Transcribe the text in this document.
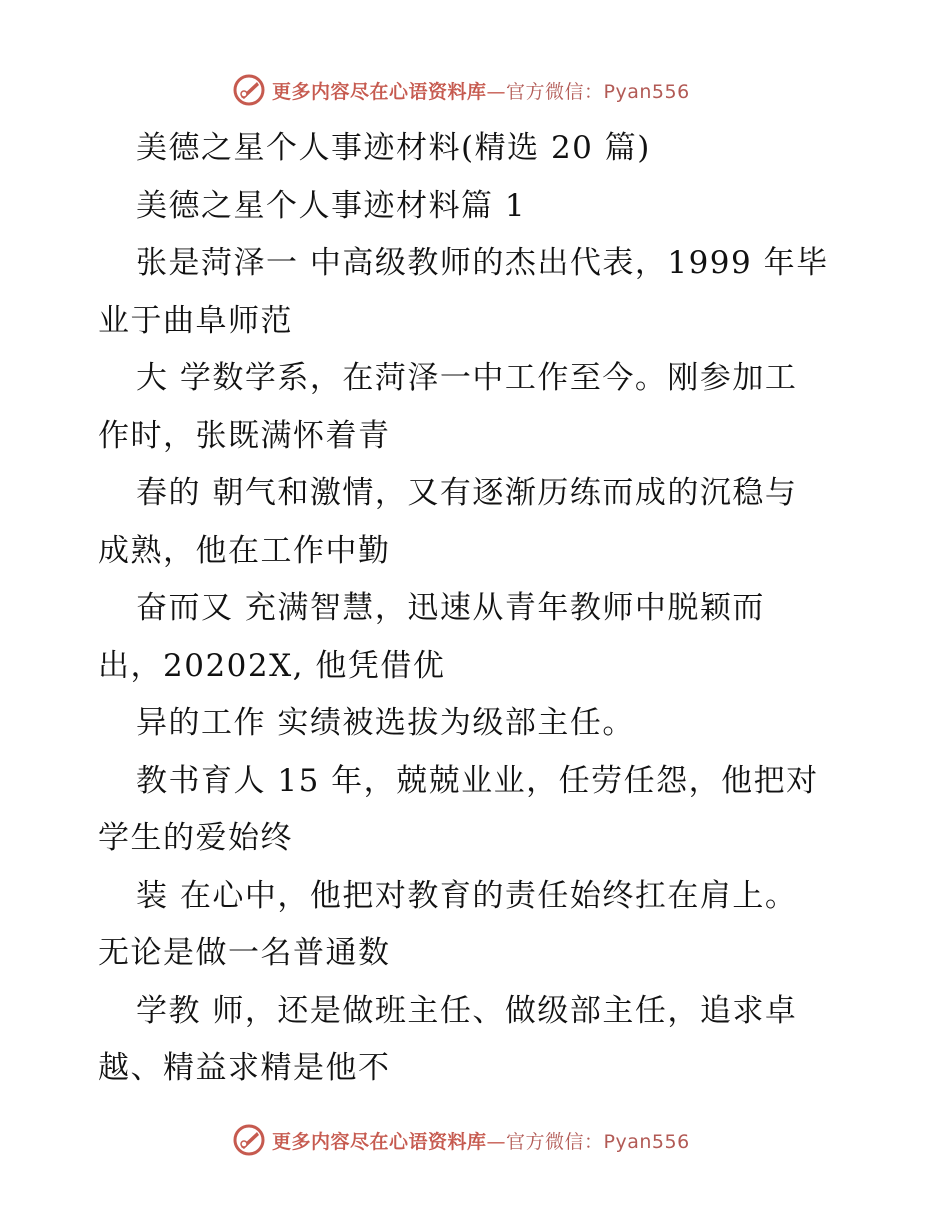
更多内容尽在心语资料库—官方微信：Pyan556
美德之星个人事迹材料(精选 20 篇)
美德之星个人事迹材料篇 1
张是菏泽一 中高级教师的杰出代表，1999 年毕
业于曲阜师范
大 学数学系，在菏泽一中工作至今。刚参加工
作时，张既满怀着青
春的 朝气和激情，又有逐渐历练而成的沉稳与
成熟，他在工作中勤
奋而又 充满智慧，迅速从青年教师中脱颖而
出，20202X, 他凭借优
异的工作 实绩被选拔为级部主任。
教书育人 15 年，兢兢业业，任劳任怨，他把对
学生的爱始终
装 在心中，他把对教育的责任始终扛在肩上。
无论是做一名普通数
学教 师，还是做班主任、做级部主任，追求卓
越、精益求精是他不
更多内容尽在心语资料库—官方微信：Pyan556
